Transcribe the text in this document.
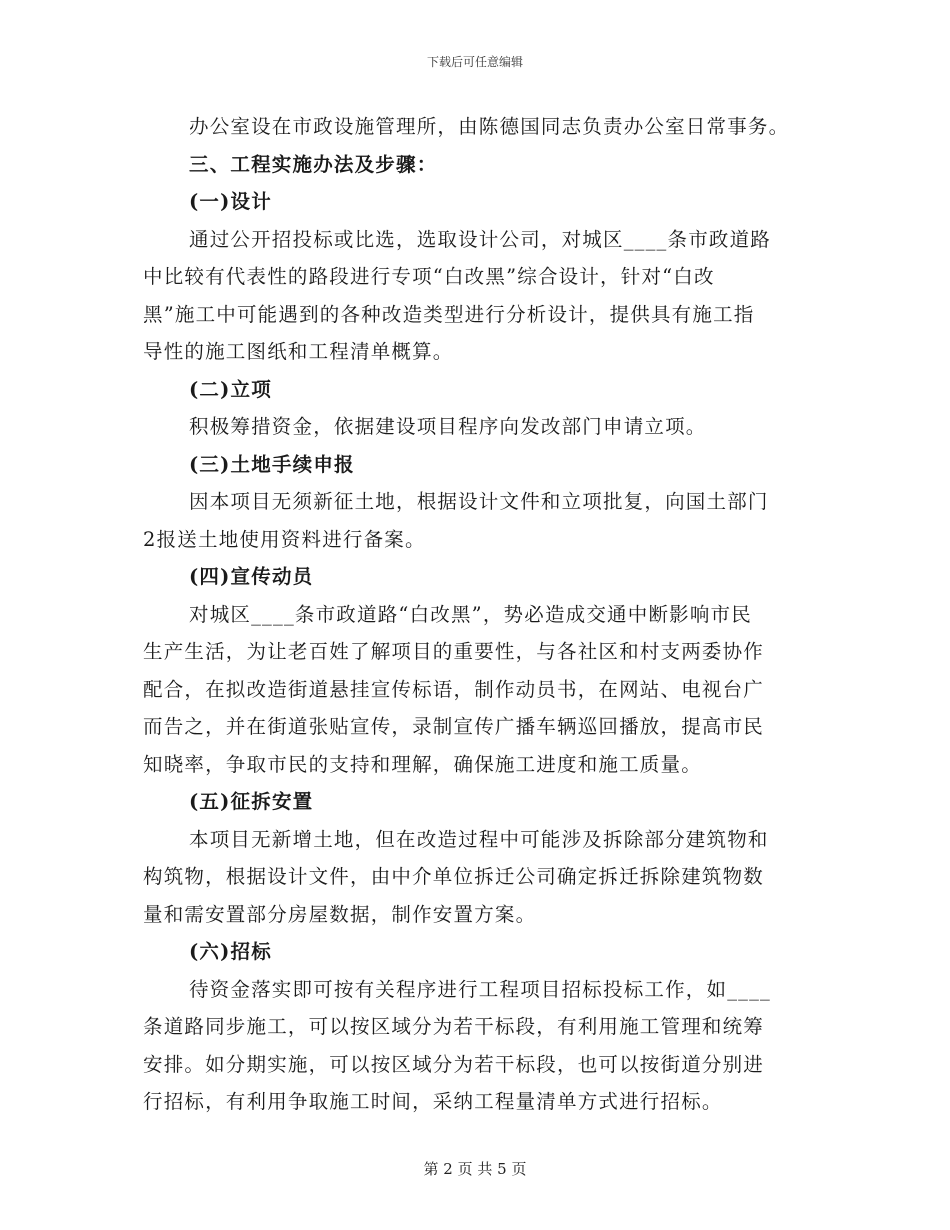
下载后可任意编辑
办公室设在市政设施管理所，由陈德国同志负责办公室日常事务。
三、工程实施办法及步骤：
(一)设计
通过公开招投标或比选，选取设计公司，对城区____条市政道路
中比较有代表性的路段进行专项“白改黑”综合设计，针对“白改
黑”施工中可能遇到的各种改造类型进行分析设计，提供具有施工指
导性的施工图纸和工程清单概算。
(二)立项
积极筹措资金，依据建设项目程序向发改部门申请立项。
(三)土地手续申报
因本项目无须新征土地，根据设计文件和立项批复，向国土部门
2报送土地使用资料进行备案。
(四)宣传动员
对城区____条市政道路“白改黑”，势必造成交通中断影响市民
生产生活，为让老百姓了解项目的重要性，与各社区和村支两委协作
配合，在拟改造街道悬挂宣传标语，制作动员书，在网站、电视台广
而告之，并在街道张贴宣传，录制宣传广播车辆巡回播放，提高市民
知晓率，争取市民的支持和理解，确保施工进度和施工质量。
(五)征拆安置
本项目无新增土地，但在改造过程中可能涉及拆除部分建筑物和
构筑物，根据设计文件，由中介单位拆迁公司确定拆迁拆除建筑物数
量和需安置部分房屋数据，制作安置方案。
(六)招标
待资金落实即可按有关程序进行工程项目招标投标工作，如____
条道路同步施工，可以按区域分为若干标段，有利用施工管理和统筹
安排。如分期实施，可以按区域分为若干标段，也可以按街道分别进
行招标，有利用争取施工时间，采纳工程量清单方式进行招标。
第 2 页 共 5 页
